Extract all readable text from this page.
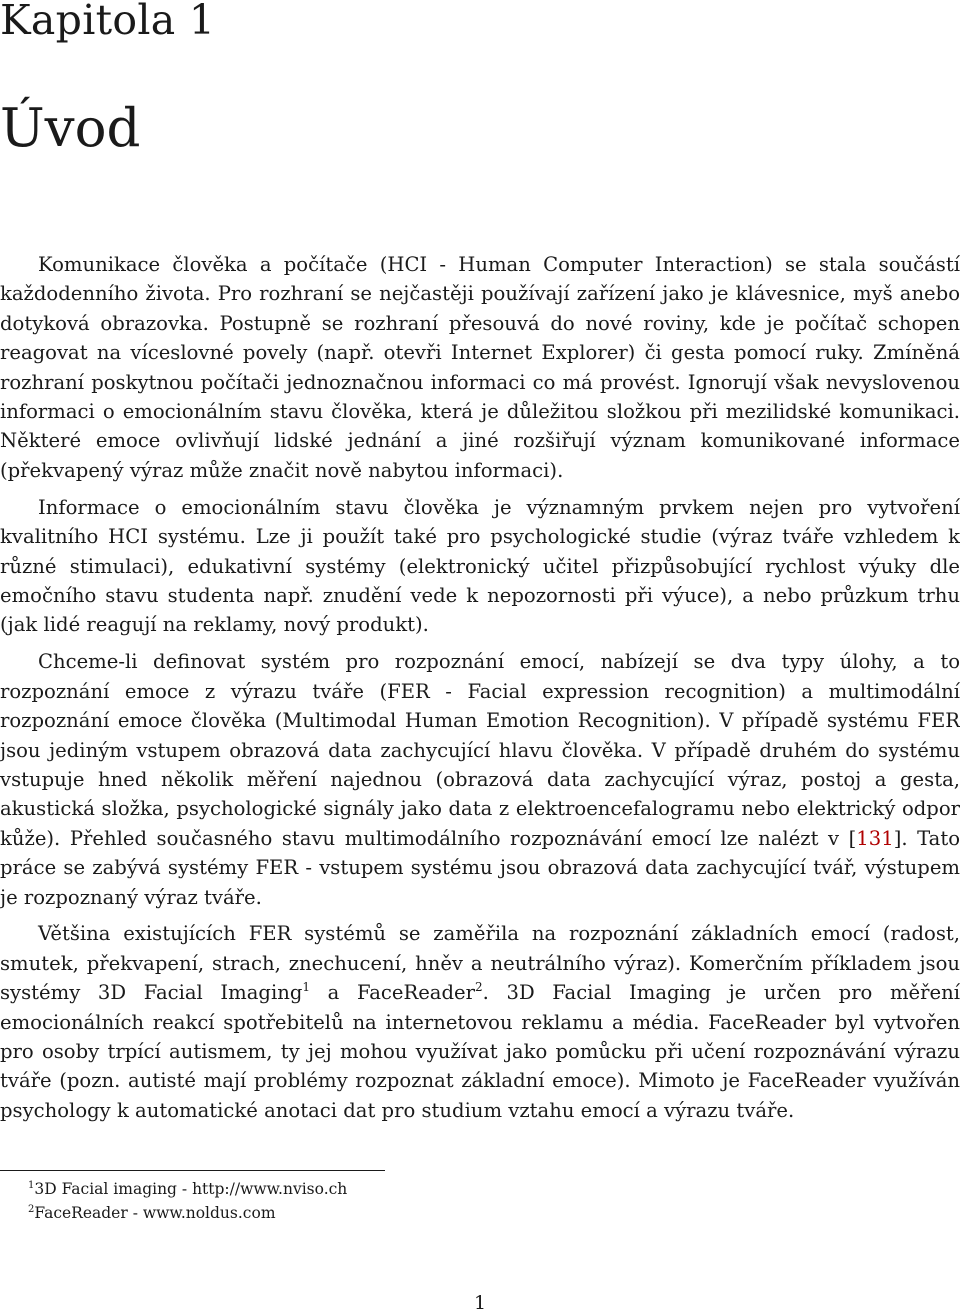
Kapitola 1
Úvod

Komunikace člověka a počítače (HCI - Human Computer Interaction) se stala součástí každodenního života. Pro rozhraní se nejčastěji používají zařízení jako je klávesnice, myš anebo dotyková obrazovka. Postupně se rozhraní přesouvá do nové roviny, kde je počítač schopen reagovat na víceslovné povely (např. otevři Internet Explorer) či gesta pomocí ruky. Zmíněná rozhraní poskytnou počítači jednoznačnou informaci co má provést. Ignorují však nevyslovenou informaci o emocionálním stavu člověka, která je důležitou složkou při mezilidské komunikaci. Některé emoce ovlivňují lidské jednání a jiné rozšiřují význam komunikované informace (překvapený výraz může značit nově nabytou informaci).

Informace o emocionálním stavu člověka je významným prvkem nejen pro vytvoření kvalitního HCI systému. Lze ji použít také pro psychologické studie (výraz tváře vzhledem k různé stimulaci), edukativní systémy (elektronický učitel přizpůsobující rychlost výuky dle emočního stavu studenta např. znudění vede k nepozornosti při výuce), a nebo průzkum trhu (jak lidé reagují na reklamy, nový produkt).

Chceme-li definovat systém pro rozpoznání emocí, nabízejí se dva typy úlohy, a to rozpoznání emoce z výrazu tváře (FER - Facial expression recognition) a multimodální rozpoznání emoce člověka (Multimodal Human Emotion Recognition). V případě systému FER jsou jediným vstupem obrazová data zachycující hlavu člověka. V případě druhém do systému vstupuje hned několik měření najednou (obrazová data zachycující výraz, postoj a gesta, akustická složka, psychologické signály jako data z elektroencefalogramu nebo elektrický odpor kůže). Přehled současného stavu multimodálního rozpoznávání emocí lze nalézt v [131]. Tato práce se zabývá systémy FER - vstupem systému jsou obrazová data zachycující tvář, výstupem je rozpoznaný výraz tváře.

Většina existujících FER systémů se zaměřila na rozpoznání základních emocí (radost, smutek, překvapení, strach, znechucení, hněv a neutrálního výraz). Komerčním příkladem jsou systémy 3D Facial Imaging$^1$ a FaceReader$^2$. 3D Facial Imaging je určen pro měření emocionálních reakcí spotřebitelů na internetovou reklamu a média. FaceReader byl vytvořen pro osoby trpící autismem, ty jej mohou využívat jako pomůcku při učení rozpoznávání výrazu tváře (pozn. autisté mají problémy rozpoznat základní emoce). Mimoto je FaceReader využíván psychology k automatické anotaci dat pro studium vztahu emocí a výrazu tváře.

$^1$3D Facial imaging - http://www.nviso.ch
$^2$FaceReader - www.noldus.com
1
